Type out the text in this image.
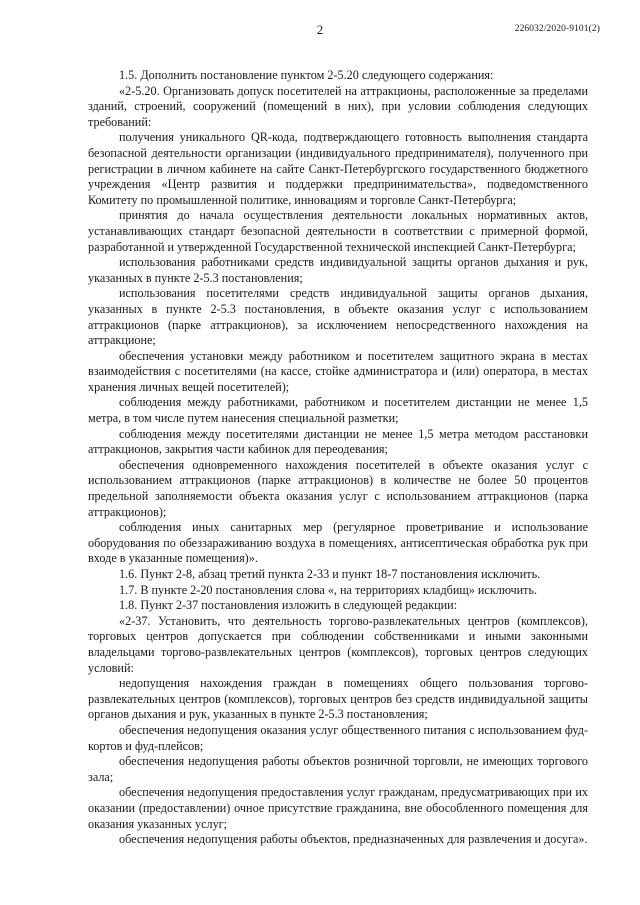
2	226032/2020-9101(2)

1.5. Дополнить постановление пунктом 2-5.20 следующего содержания:

«2-5.20. Организовать допуск посетителей на аттракционы, расположенные за пределами зданий, строений, сооружений (помещений в них), при условии соблюдения следующих требований:

получения уникального QR-кода, подтверждающего готовность выполнения стандарта безопасной деятельности организации (индивидуального предпринимателя), полученного при регистрации в личном кабинете на сайте Санкт-Петербургского государственного бюджетного учреждения «Центр развития и поддержки предпринимательства», подведомственного Комитету по промышленной политике, инновациям и торговле Санкт-Петербурга;

принятия до начала осуществления деятельности локальных нормативных актов, устанавливающих стандарт безопасной деятельности в соответствии с примерной формой, разработанной и утвержденной Государственной технической инспекцией Санкт-Петербурга;

использования работниками средств индивидуальной защиты органов дыхания и рук, указанных в пункте 2-5.3 постановления;

использования посетителями средств индивидуальной защиты органов дыхания, указанных в пункте 2-5.3 постановления, в объекте оказания услуг с использованием аттракционов (парке аттракционов), за исключением непосредственного нахождения на аттракционе;

обеспечения установки между работником и посетителем защитного экрана в местах взаимодействия с посетителями (на кассе, стойке администратора и (или) оператора, в местах хранения личных вещей посетителей);

соблюдения между работниками, работником и посетителем дистанции не менее 1,5 метра, в том числе путем нанесения специальной разметки;

соблюдения между посетителями дистанции не менее 1,5 метра методом расстановки аттракционов, закрытия части кабинок для переодевания;

обеспечения одновременного нахождения посетителей в объекте оказания услуг с использованием аттракционов (парке аттракционов) в количестве не более 50 процентов предельной заполняемости объекта оказания услуг с использованием аттракционов (парка аттракционов);

соблюдения иных санитарных мер (регулярное проветривание и использование оборудования по обеззараживанию воздуха в помещениях, антисептическая обработка рук при входе в указанные помещения)».

1.6. Пункт 2-8, абзац третий пункта 2-33 и пункт 18-7 постановления исключить.

1.7. В пункте 2-20 постановления слова «, на территориях кладбищ» исключить.

1.8. Пункт 2-37 постановления изложить в следующей редакции:

«2-37. Установить, что деятельность торгово-развлекательных центров (комплексов), торговых центров допускается при соблюдении собственниками и иными законными владельцами торгово-развлекательных центров (комплексов), торговых центров следующих условий:

недопущения нахождения граждан в помещениях общего пользования торгово-развлекательных центров (комплексов), торговых центров без средств индивидуальной защиты органов дыхания и рук, указанных в пункте 2-5.3 постановления;

обеспечения недопущения оказания услуг общественного питания с использованием фуд-кортов и фуд-плейсов;

обеспечения недопущения работы объектов розничной торговли, не имеющих торгового зала;

обеспечения недопущения предоставления услуг гражданам, предусматривающих при их оказании (предоставлении) очное присутствие гражданина, вне обособленного помещения для оказания указанных услуг;

обеспечения недопущения работы объектов, предназначенных для развлечения и досуга».
